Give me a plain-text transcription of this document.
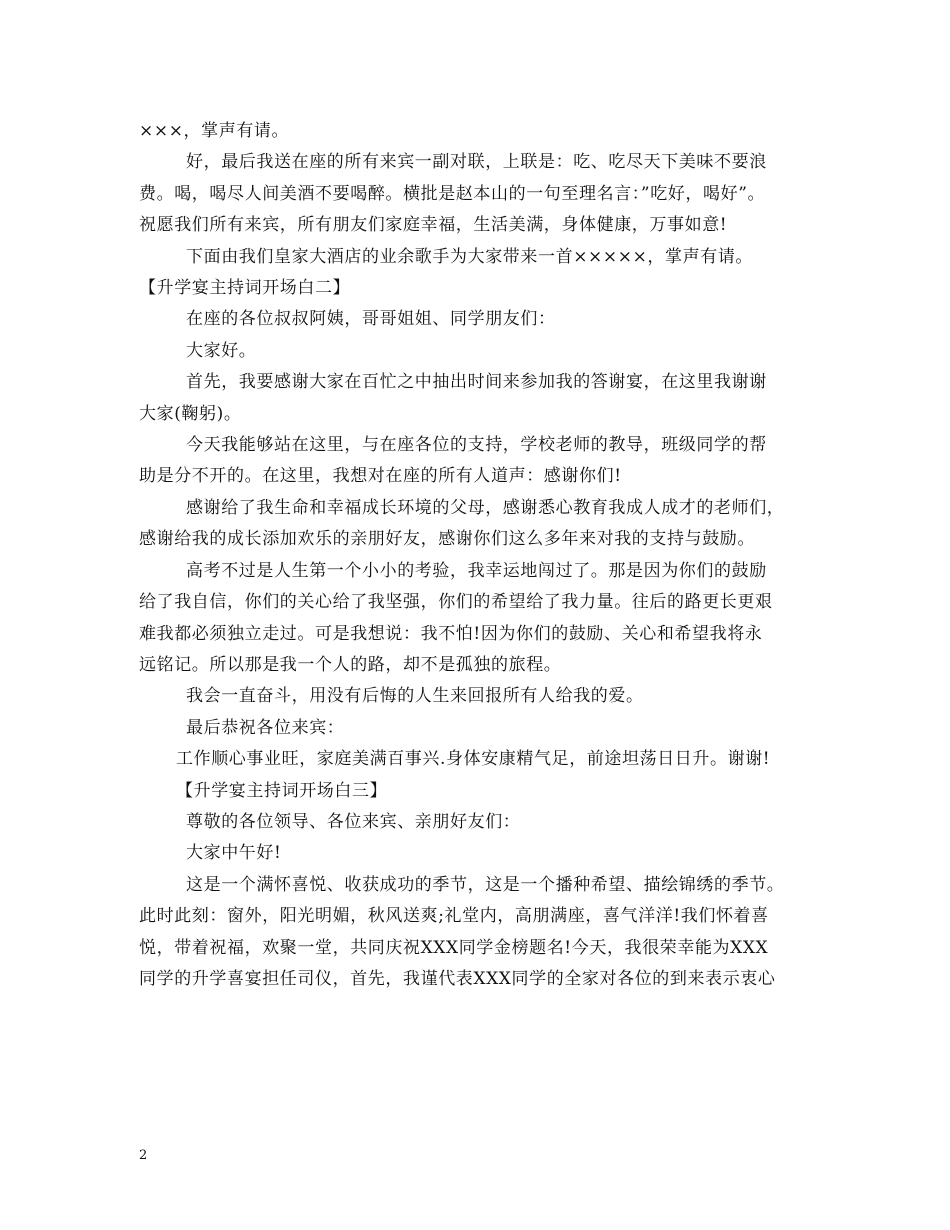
×××，掌声有请。
好，最后我送在座的所有来宾一副对联，上联是：吃、吃尽天下美味不要浪
费。喝，喝尽人间美酒不要喝醉。横批是赵本山的一句至理名言：”吃好，喝好”。
祝愿我们所有来宾，所有朋友们家庭幸福，生活美满，身体健康，万事如意!
下面由我们皇家大酒店的业余歌手为大家带来一首×××××，掌声有请。
【升学宴主持词开场白二】
在座的各位叔叔阿姨，哥哥姐姐、同学朋友们：
大家好。
首先，我要感谢大家在百忙之中抽出时间来参加我的答谢宴，在这里我谢谢
大家(鞠躬)。
今天我能够站在这里，与在座各位的支持，学校老师的教导，班级同学的帮
助是分不开的。在这里，我想对在座的所有人道声：感谢你们!
感谢给了我生命和幸福成长环境的父母，感谢悉心教育我成人成才的老师们，
感谢给我的成长添加欢乐的亲朋好友，感谢你们这么多年来对我的支持与鼓励。
高考不过是人生第一个小小的考验，我幸运地闯过了。那是因为你们的鼓励
给了我自信，你们的关心给了我坚强，你们的希望给了我力量。往后的路更长更艰
难我都必须独立走过。可是我想说：我不怕!因为你们的鼓励、关心和希望我将永
远铭记。所以那是我一个人的路，却不是孤独的旅程。
我会一直奋斗，用没有后悔的人生来回报所有人给我的爱。
最后恭祝各位来宾：
工作顺心事业旺，家庭美满百事兴.身体安康精气足，前途坦荡日日升。谢谢!
【升学宴主持词开场白三】
尊敬的各位领导、各位来宾、亲朋好友们：
大家中午好!
这是一个满怀喜悦、收获成功的季节，这是一个播种希望、描绘锦绣的季节。
此时此刻：窗外，阳光明媚，秋风送爽;礼堂内，高朋满座，喜气洋洋!我们怀着喜
悦，带着祝福，欢聚一堂，共同庆祝XXX同学金榜题名!今天，我很荣幸能为XXX
同学的升学喜宴担任司仪，首先，我谨代表XXX同学的全家对各位的到来表示衷心
2
